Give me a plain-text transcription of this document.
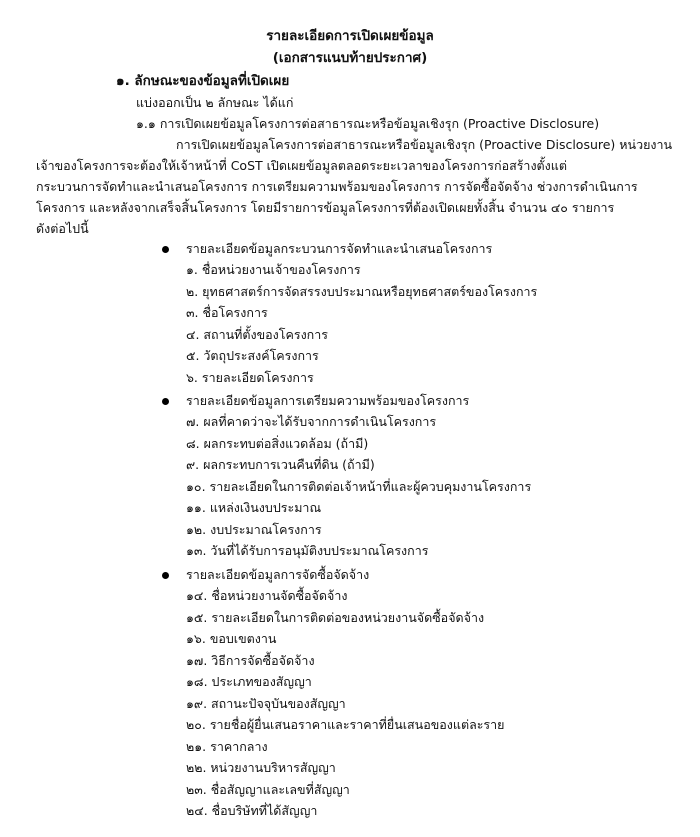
รายละเอียดการเปิดเผยข้อมูล
(เอกสารแนบท้ายประกาศ)
๑. ลักษณะของข้อมูลที่เปิดเผย
แบ่งออกเป็น ๒ ลักษณะ ได้แก่
๑.๑ การเปิดเผยข้อมูลโครงการต่อสาธารณะหรือข้อมูลเชิงรุก (Proactive Disclosure)
การเปิดเผยข้อมูลโครงการต่อสาธารณะหรือข้อมูลเชิงรุก (Proactive Disclosure) หน่วยงาน
เจ้าของโครงการจะต้องให้เจ้าหน้าที่ CoST เปิดเผยข้อมูลตลอดระยะเวลาของโครงการก่อสร้างตั้งแต่
กระบวนการจัดทำและนำเสนอโครงการ การเตรียมความพร้อมของโครงการ การจัดซื้อจัดจ้าง ช่วงการดำเนินการ
โครงการ และหลังจากเสร็จสิ้นโครงการ โดยมีรายการข้อมูลโครงการที่ต้องเปิดเผยทั้งสิ้น จำนวน ๔๐ รายการ
ดังต่อไปนี้
รายละเอียดข้อมูลกระบวนการจัดทำและนำเสนอโครงการ
๑. ชื่อหน่วยงานเจ้าของโครงการ
๒. ยุทธศาสตร์การจัดสรรงบประมาณหรือยุทธศาสตร์ของโครงการ
๓. ชื่อโครงการ
๔. สถานที่ตั้งของโครงการ
๕. วัตถุประสงค์โครงการ
๖. รายละเอียดโครงการ
รายละเอียดข้อมูลการเตรียมความพร้อมของโครงการ
๗. ผลที่คาดว่าจะได้รับจากการดำเนินโครงการ
๘. ผลกระทบต่อสิ่งแวดล้อม (ถ้ามี)
๙. ผลกระทบการเวนคืนที่ดิน (ถ้ามี)
๑๐. รายละเอียดในการติดต่อเจ้าหน้าที่และผู้ควบคุมงานโครงการ
๑๑. แหล่งเงินงบประมาณ
๑๒. งบประมาณโครงการ
๑๓. วันที่ได้รับการอนุมัติงบประมาณโครงการ
รายละเอียดข้อมูลการจัดซื้อจัดจ้าง
๑๔. ชื่อหน่วยงานจัดซื้อจัดจ้าง
๑๕. รายละเอียดในการติดต่อของหน่วยงานจัดซื้อจัดจ้าง
๑๖. ขอบเขตงาน
๑๗. วิธีการจัดซื้อจัดจ้าง
๑๘. ประเภทของสัญญา
๑๙. สถานะปัจจุบันของสัญญา
๒๐. รายชื่อผู้ยื่นเสนอราคาและราคาที่ยื่นเสนอของแต่ละราย
๒๑. ราคากลาง
๒๒. หน่วยงานบริหารสัญญา
๒๓. ชื่อสัญญาและเลขที่สัญญา
๒๔. ชื่อบริษัทที่ได้สัญญา
